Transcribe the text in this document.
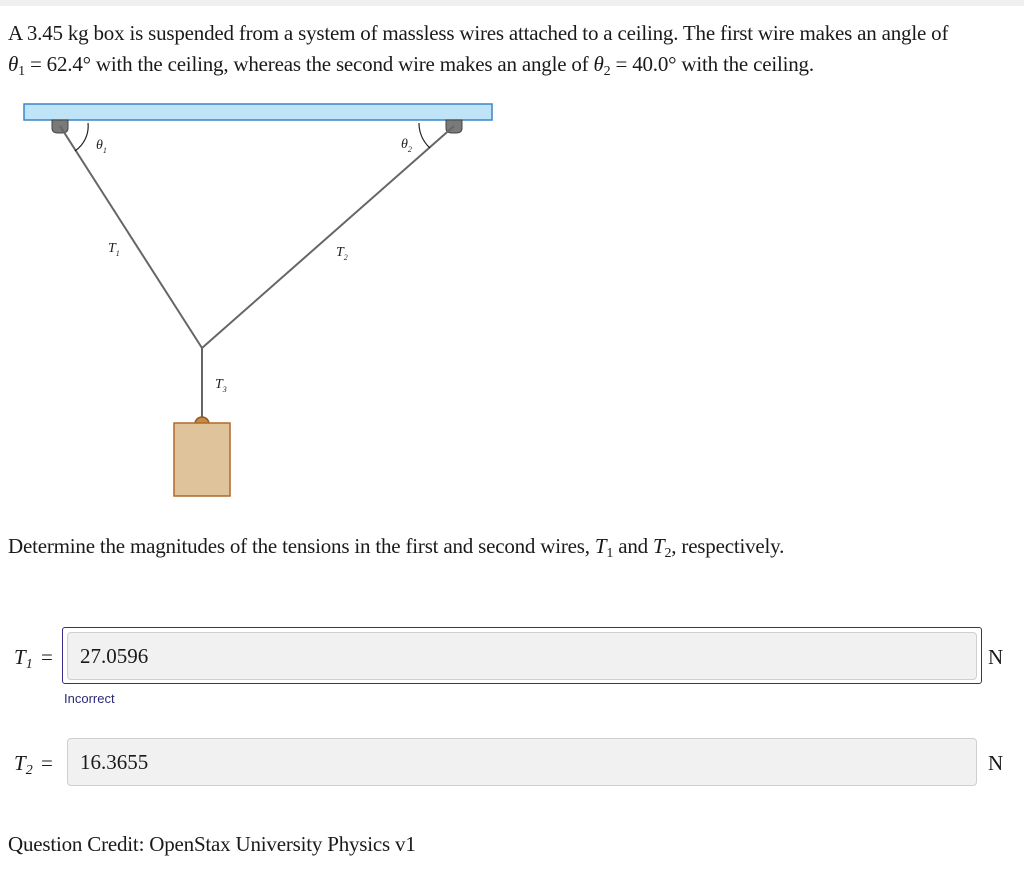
A 3.45 kg box is suspended from a system of massless wires attached to a ceiling. The first wire makes an angle of

$\theta_1 = 62.4^\circ$ with the ceiling, whereas the second wire makes an angle of $\theta_2 = 40.0^\circ$ with the ceiling.

$\theta_1$	$\theta_2$
$T_1$	$T_2$
$T_3$

Determine the magnitudes of the tensions in the first and second wires, $T_1$ and $T_2$, respectively.

$T_1$ =
27.0596	N
Incorrect
$T_2$ =
16.3655	N

Question Credit: OpenStax University Physics v1
